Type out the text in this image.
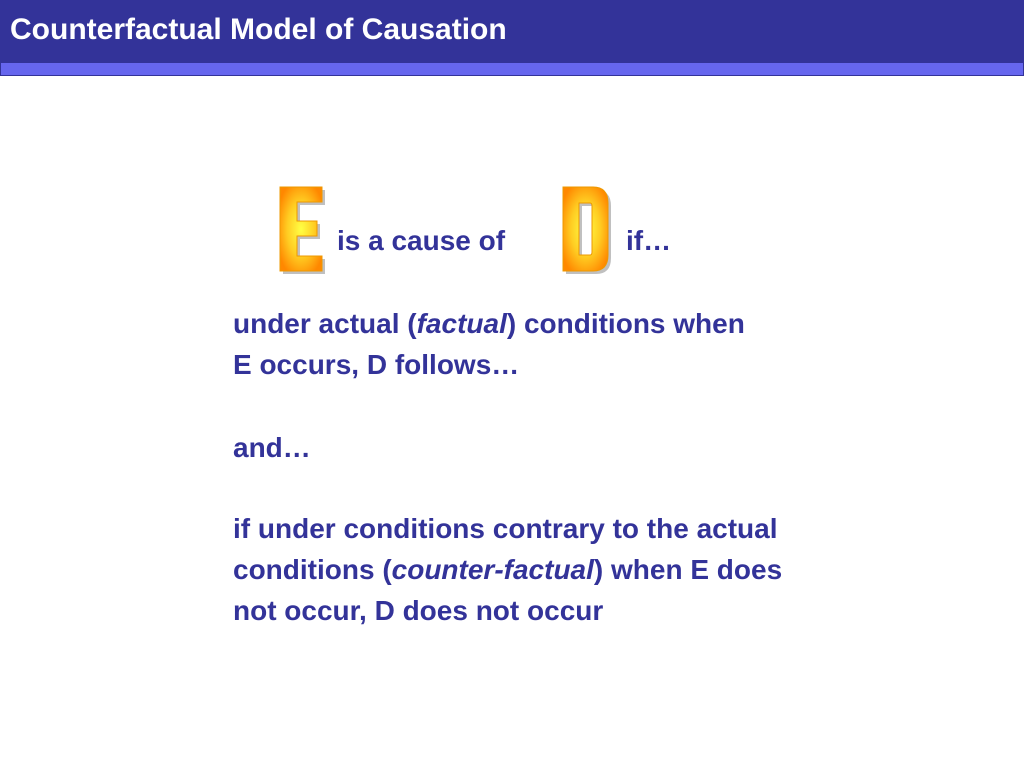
Counterfactual Model of Causation
is a cause of	if…
under actual (factual) conditions when
E occurs, D follows…
and…
if under conditions contrary to the actual
conditions (counter-factual) when E does
not occur, D does not occur
